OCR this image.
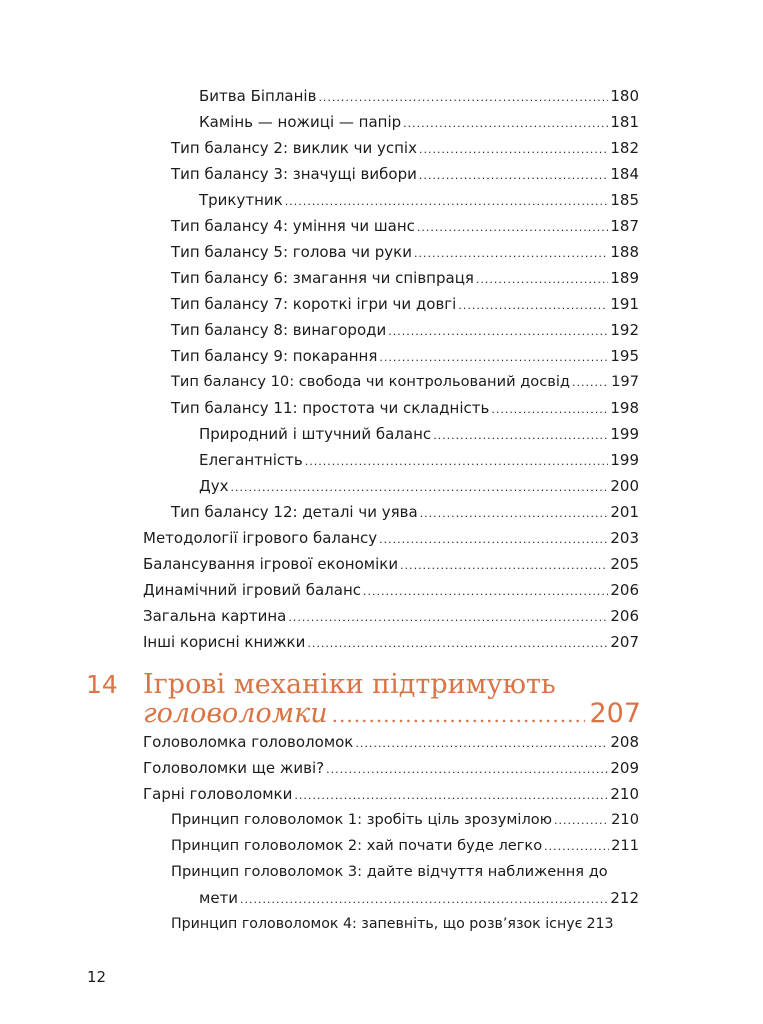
Битва Біпланів .....	180
Камінь — ножиці — папір .....	181
Тип балансу 2: виклик чи успіх .....	182
Тип балансу 3: значущі вибори .....	184
Трикутник .....	185
Тип балансу 4: уміння чи шанс .....	187
Тип балансу 5: голова чи руки .....	188
Тип балансу 6: змагання чи співпраця .....	189
Тип балансу 7: короткі ігри чи довгі .....	191
Тип балансу 8: винагороди .....	192
Тип балансу 9: покарання .....	195
Тип балансу 10: свобода чи контрольований досвід .....	197
Тип балансу 11: простота чи складність .....	198
Природний і штучний баланс .....	199
Елегантність .....	199
Дух .....	200
Тип балансу 12: деталі чи уява .....	201
Методології ігрового балансу .....	203
Балансування ігрової економіки .....	205
Динамічний ігровий баланс .....	206
Загальна картина .....	206
Інші корисні книжки .....	207
14 Ігрові механіки підтримують
головоломки .....	207
Головоломка головоломок .....	208
Головоломки ще живі? .....	209
Гарні головоломки .....	210
Принцип головоломок 1: зробіть ціль зрозумілою .....	210
Принцип головоломок 2: хай почати буде легко .....	211
Принцип головоломок 3: дайте відчуття наближення до
мети .....	212
Принцип головоломок 4: запевніть, що розв’язок існує 213
12
